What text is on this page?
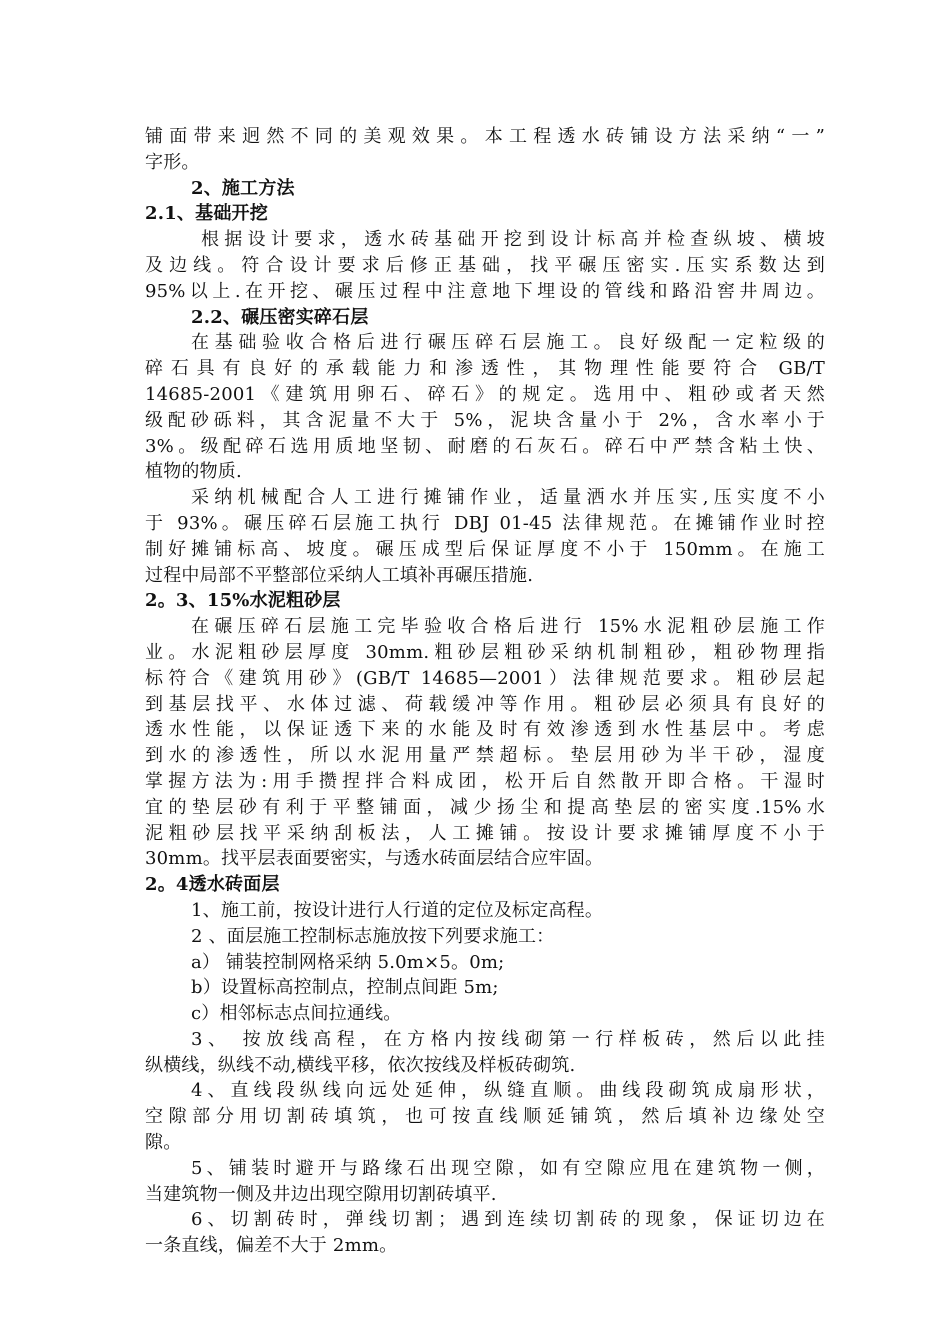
铺面带来迥然不同的美观效果。本工程透水砖铺设方法采纳“一”
字形。
2、施工方法
2.1、基础开挖
根据设计要求，透水砖基础开挖到设计标高并检查纵坡、横坡
及边线。符合设计要求后修正基础，找平碾压密实.压实系数达到
95%以上.在开挖、碾压过程中注意地下埋设的管线和路沿窖井周边。
2.2、碾压密实碎石层
在基础验收合格后进行碾压碎石层施工。良好级配一定粒级的
碎石具有良好的承载能力和渗透性，其物理性能要符合 GB/T
14685-2001《建筑用卵石、碎石》的规定。选用中、粗砂或者天然
级配砂砾料，其含泥量不大于 5%，泥块含量小于 2%，含水率小于
3%。级配碎石选用质地坚韧、耐磨的石灰石。碎石中严禁含粘土快、
植物的物质.
采纳机械配合人工进行摊铺作业，适量洒水并压实,压实度不小
于 93%。碾压碎石层施工执行 DBJ 01-45 法律规范。在摊铺作业时控
制好摊铺标高、坡度。碾压成型后保证厚度不小于 150mm。在施工
过程中局部不平整部位采纳人工填补再碾压措施.
2。3、15%水泥粗砂层
在碾压碎石层施工完毕验收合格后进行 15%水泥粗砂层施工作
业。水泥粗砂层厚度 30mm.粗砂层粗砂采纳机制粗砂，粗砂物理指
标符合《建筑用砂》(GB/T 14685—2001）法律规范要求。粗砂层起
到基层找平、水体过滤、荷载缓冲等作用。粗砂层必须具有良好的
透水性能，以保证透下来的水能及时有效渗透到水性基层中。考虑
到水的渗透性，所以水泥用量严禁超标。垫层用砂为半干砂，湿度
掌握方法为:用手攒捏拌合料成团，松开后自然散开即合格。干湿时
宜的垫层砂有利于平整铺面，减少扬尘和提高垫层的密实度.15%水
泥粗砂层找平采纳刮板法，人工摊铺。按设计要求摊铺厚度不小于
30mm。找平层表面要密实，与透水砖面层结合应牢固。
2。4透水砖面层
1、施工前，按设计进行人行道的定位及标定高程。
2 、面层施工控制标志施放按下列要求施工：
a） 铺装控制网格采纳 5.0m×5。0m;
b）设置标高控制点，控制点间距 5m;
c）相邻标志点间拉通线。
3、 按放线高程，在方格内按线砌第一行样板砖，然后以此挂
纵横线，纵线不动,横线平移，依次按线及样板砖砌筑.
4、直线段纵线向远处延伸，纵缝直顺。曲线段砌筑成扇形状，
空隙部分用切割砖填筑，也可按直线顺延铺筑，然后填补边缘处空
隙。
5、铺装时避开与路缘石出现空隙，如有空隙应甩在建筑物一侧，
当建筑物一侧及井边出现空隙用切割砖填平.
6、切割砖时，弹线切割；遇到连续切割砖的现象，保证切边在
一条直线，偏差不大于 2mm。
